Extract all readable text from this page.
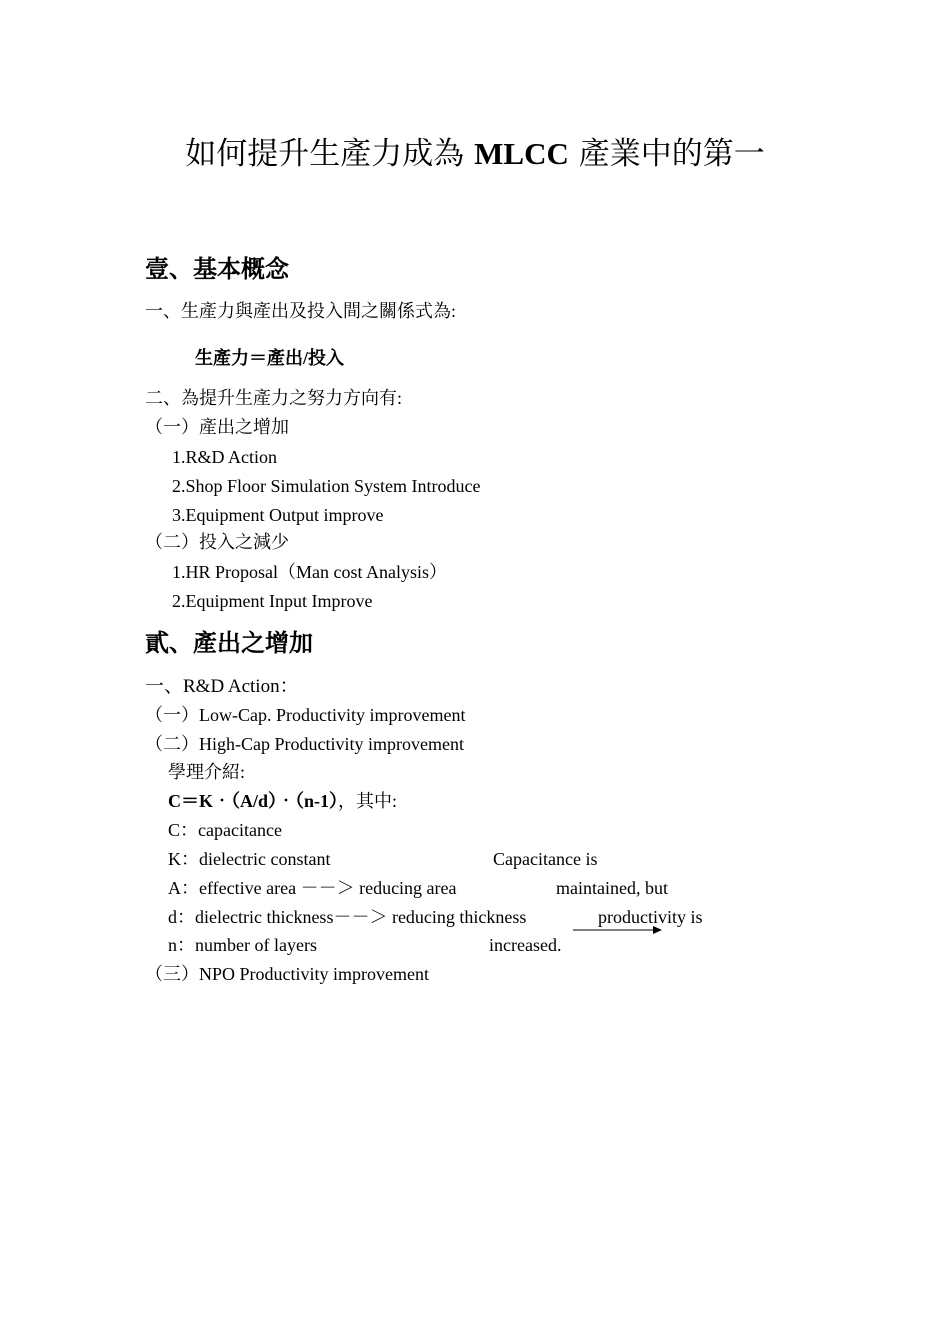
如何提升生產力成為 MLCC 產業中的第一
壹、基本概念
一、生產力與產出及投入間之關係式為:
生產力＝產出/投入
二、為提升生產力之努力方向有:
（一）產出之增加
1.R&D Action
2.Shop Floor Simulation System Introduce
3.Equipment Output improve
（二）投入之減少
1.HR Proposal（Man cost Analysis）
2.Equipment Input Improve
貳、產出之增加
一、R&D Action：
（一）Low-Cap. Productivity improvement
（二）High-Cap Productivity improvement
學理介紹:
C＝K‧（A/d）‧（n-1），其中:
C：capacitance
K：dielectric constant
A：effective area －－＞ reducing area
d：dielectric thickness－－＞ reducing thickness
n：number of layers
Capacitance is
maintained, but
productivity is
increased.
（三）NPO Productivity improvement
